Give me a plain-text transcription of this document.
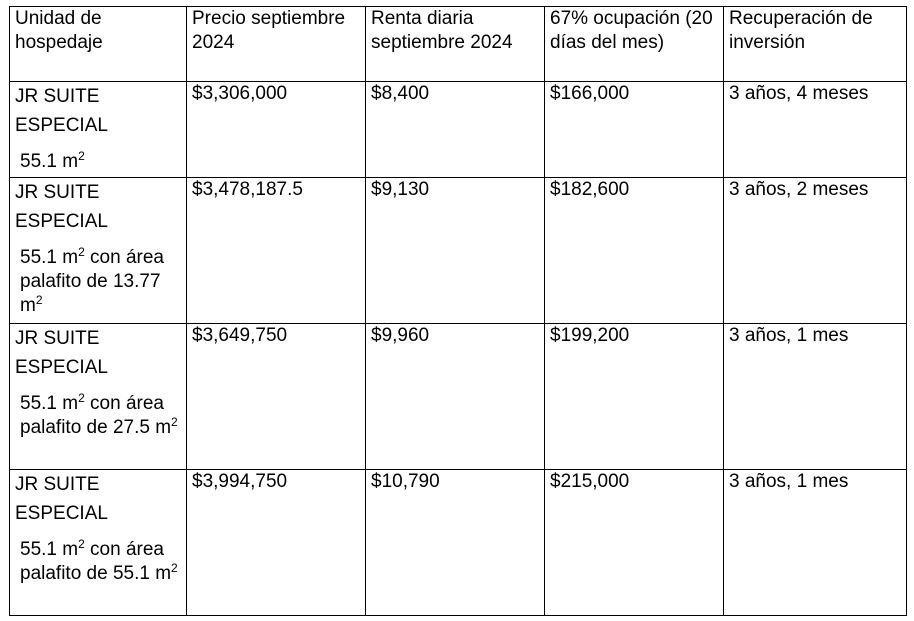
Unidad de hospedaje	Precio septiembre 2024	Renta diaria septiembre 2024	67% ocupación (20 días del mes)	Recuperación de inversión

JR SUITE ESPECIAL
55.1 $m^2$	$3,306,000	$8,400	$166,000	3 años, 4 meses

JR SUITE ESPECIAL
55.1 $m^2$ con área palafito de 13.77 $m^2$	$3,478,187.5	$9,130	$182,600	3 años, 2 meses

JR SUITE ESPECIAL
55.1 $m^2$ con área palafito de 27.5 $m^2$	$3,649,750	$9,960	$199,200	3 años, 1 mes

JR SUITE ESPECIAL
55.1 $m^2$ con área palafito de 55.1 $m^2$	$3,994,750	$10,790	$215,000	3 años, 1 mes
